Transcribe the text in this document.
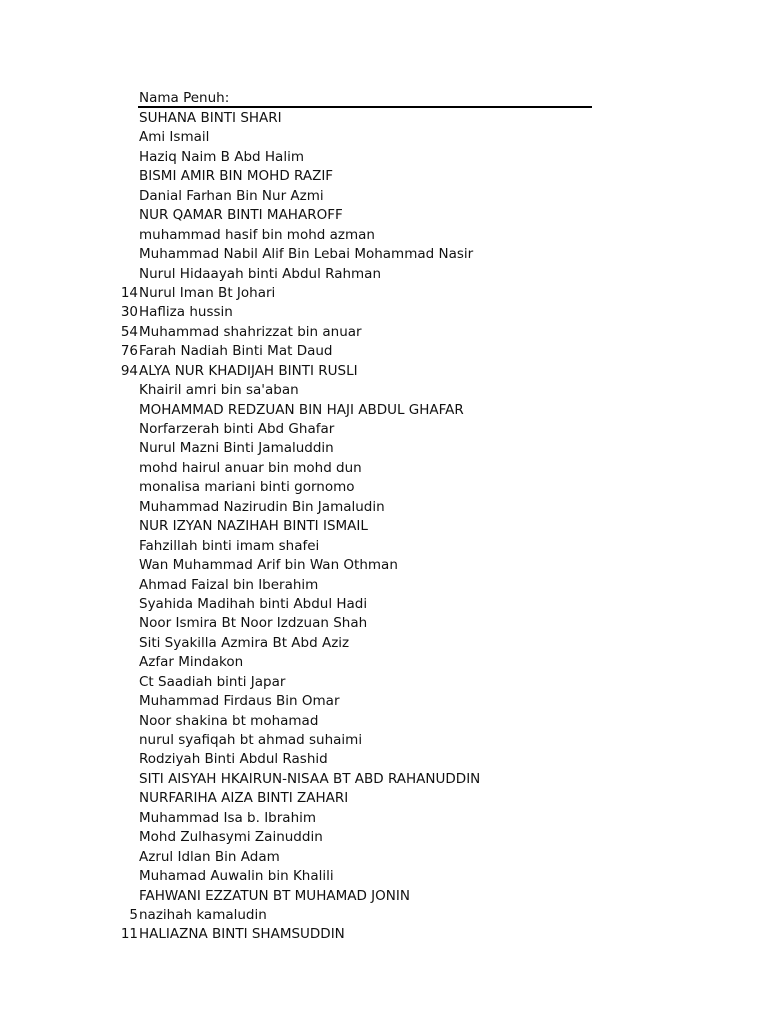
Nama Penuh:
SUHANA BINTI SHARI
Ami Ismail
Haziq Naim B Abd Halim
BISMI AMIR BIN MOHD RAZIF
Danial Farhan Bin Nur Azmi
NUR QAMAR BINTI MAHAROFF
muhammad hasif bin mohd azman
Muhammad Nabil Alif Bin Lebai Mohammad Nasir
Nurul Hidaayah binti Abdul Rahman
14 Nurul Iman Bt Johari
30 Hafliza hussin
54 Muhammad shahrizzat bin anuar
76 Farah Nadiah Binti Mat Daud
94 ALYA NUR KHADIJAH BINTI RUSLI
Khairil amri bin sa'aban
MOHAMMAD REDZUAN BIN HAJI ABDUL GHAFAR
Norfarzerah binti Abd Ghafar
Nurul Mazni Binti Jamaluddin
mohd hairul anuar bin mohd dun
monalisa mariani binti gornomo
Muhammad Nazirudin Bin Jamaludin
NUR IZYAN NAZIHAH BINTI ISMAIL
Fahzillah binti imam shafei
Wan Muhammad Arif bin Wan Othman
Ahmad Faizal bin Iberahim
Syahida Madihah binti Abdul Hadi
Noor Ismira Bt Noor Izdzuan Shah
Siti Syakilla Azmira Bt Abd Aziz
Azfar Mindakon
Ct Saadiah binti Japar
Muhammad Firdaus Bin Omar
Noor shakina bt mohamad
nurul syafiqah bt ahmad suhaimi
Rodziyah Binti Abdul Rashid
SITI AISYAH HKAIRUN-NISAA BT ABD RAHANUDDIN
NURFARIHA AIZA BINTI ZAHARI
Muhammad Isa b. Ibrahim
Mohd Zulhasymi Zainuddin
Azrul Idlan Bin Adam
Muhamad Auwalin bin Khalili
FAHWANI EZZATUN BT MUHAMAD JONIN
5 nazihah kamaludin
11 HALIAZNA BINTI SHAMSUDDIN
